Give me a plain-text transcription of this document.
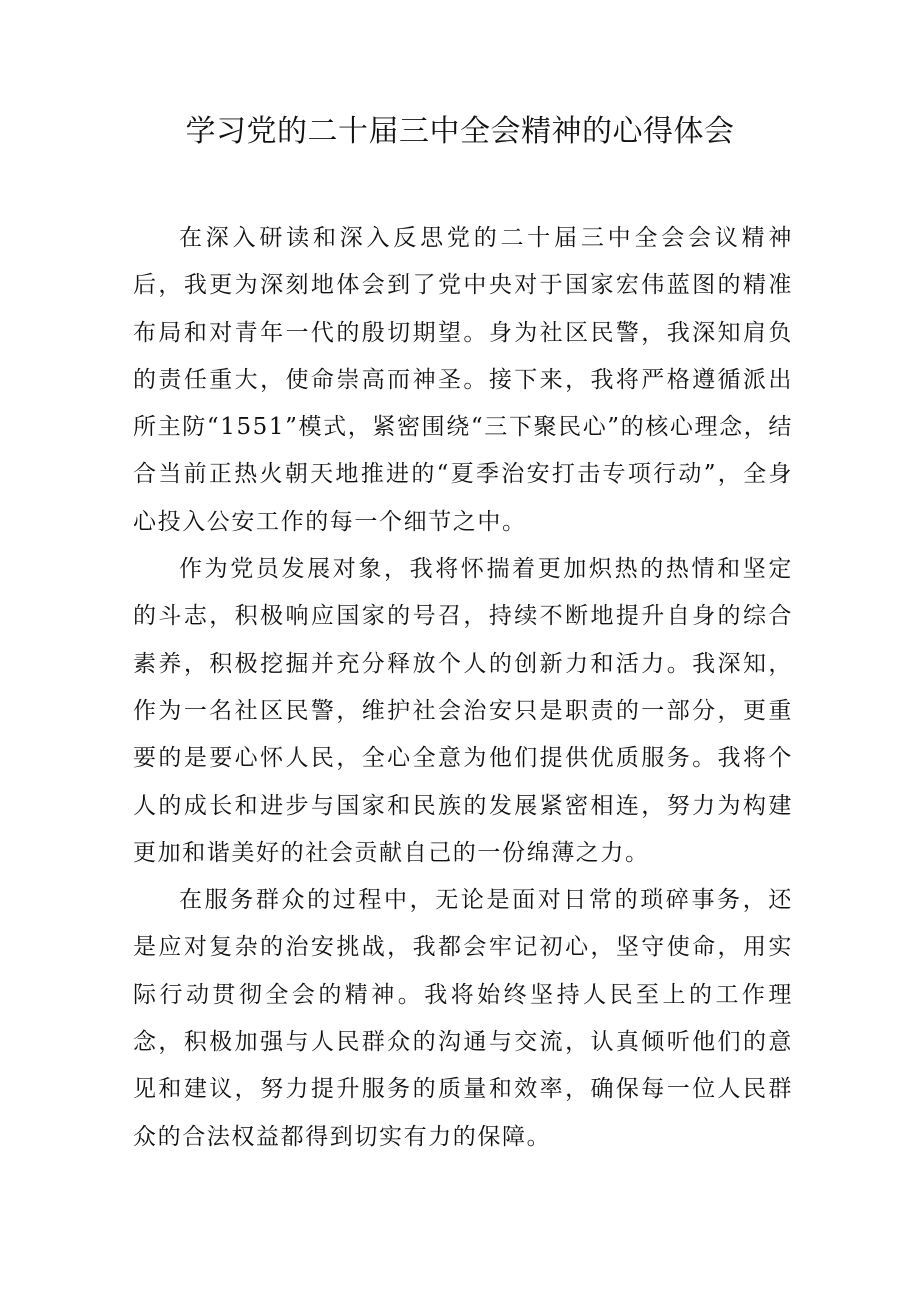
学习党的二十届三中全会精神的心得体会

在深入研读和深入反思党的二十届三中全会会议精神后，我更为深刻地体会到了党中央对于国家宏伟蓝图的精准布局和对青年一代的殷切期望。身为社区民警，我深知肩负的责任重大，使命崇高而神圣。接下来，我将严格遵循派出所主防“1551”模式，紧密围绕“三下聚民心”的核心理念，结合当前正热火朝天地推进的“夏季治安打击专项行动”，全身心投入公安工作的每一个细节之中。

作为党员发展对象，我将怀揣着更加炽热的热情和坚定的斗志，积极响应国家的号召，持续不断地提升自身的综合素养，积极挖掘并充分释放个人的创新力和活力。我深知，作为一名社区民警，维护社会治安只是职责的一部分，更重要的是要心怀人民，全心全意为他们提供优质服务。我将个人的成长和进步与国家和民族的发展紧密相连，努力为构建更加和谐美好的社会贡献自己的一份绵薄之力。

在服务群众的过程中，无论是面对日常的琐碎事务，还是应对复杂的治安挑战，我都会牢记初心，坚守使命，用实际行动贯彻全会的精神。我将始终坚持人民至上的工作理念，积极加强与人民群众的沟通与交流，认真倾听他们的意见和建议，努力提升服务的质量和效率，确保每一位人民群众的合法权益都得到切实有力的保障。
